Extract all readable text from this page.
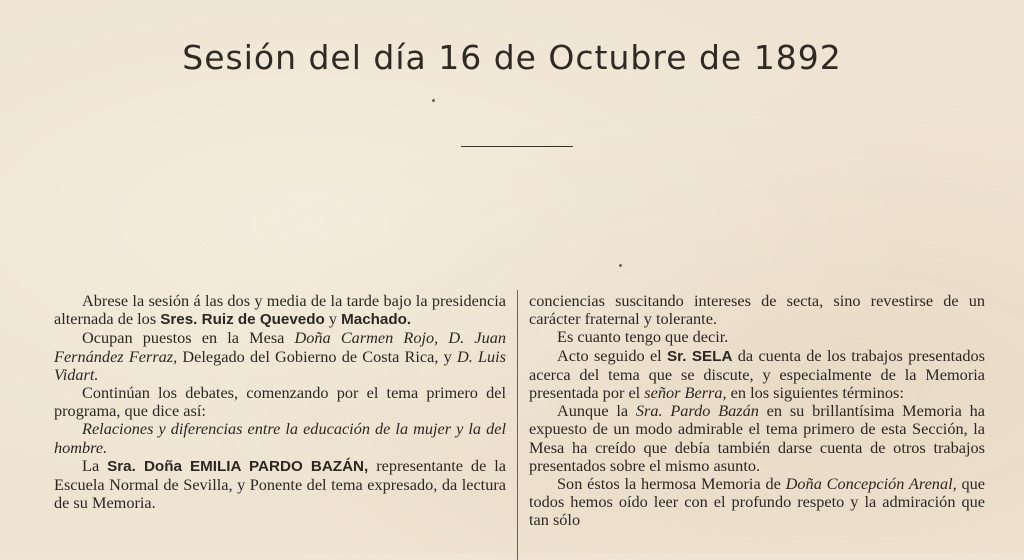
Sesión del día 16 de Octubre de 1892

Abrese la sesión á las dos y media de la tarde bajo la presidencia alternada de los Sres. Ruiz de Quevedo y Machado.

Ocupan puestos en la Mesa Doña Carmen Rojo, D. Juan Fernández Ferraz, Delegado del Gobierno de Costa Rica, y D. Luis Vidart.

Continúan los debates, comenzando por el tema primero del programa, que dice así:

Relaciones y diferencias entre la educación de la mujer y la del hombre.

La Sra. Doña EMILIA PARDO BAZÁN, representante de la Escuela Normal de Sevilla, y Ponente del tema expresado, da lectura de su Memoria.

conciencias suscitando intereses de secta, sino revestirse de un carácter fraternal y tolerante.

Es cuanto tengo que decir.

Acto seguido el Sr. SELA da cuenta de los trabajos presentados acerca del tema que se discute, y especialmente de la Memoria presentada por el señor Berra, en los siguientes términos:

Aunque la Sra. Pardo Bazán en su brillantísima Memoria ha expuesto de un modo admirable el tema primero de esta Sección, la Mesa ha creído que debía también darse cuenta de otros trabajos presentados sobre el mismo asunto.

Son éstos la hermosa Memoria de Doña Concepción Arenal, que todos hemos oído leer con el profundo respeto y la admiración que tan sólo
